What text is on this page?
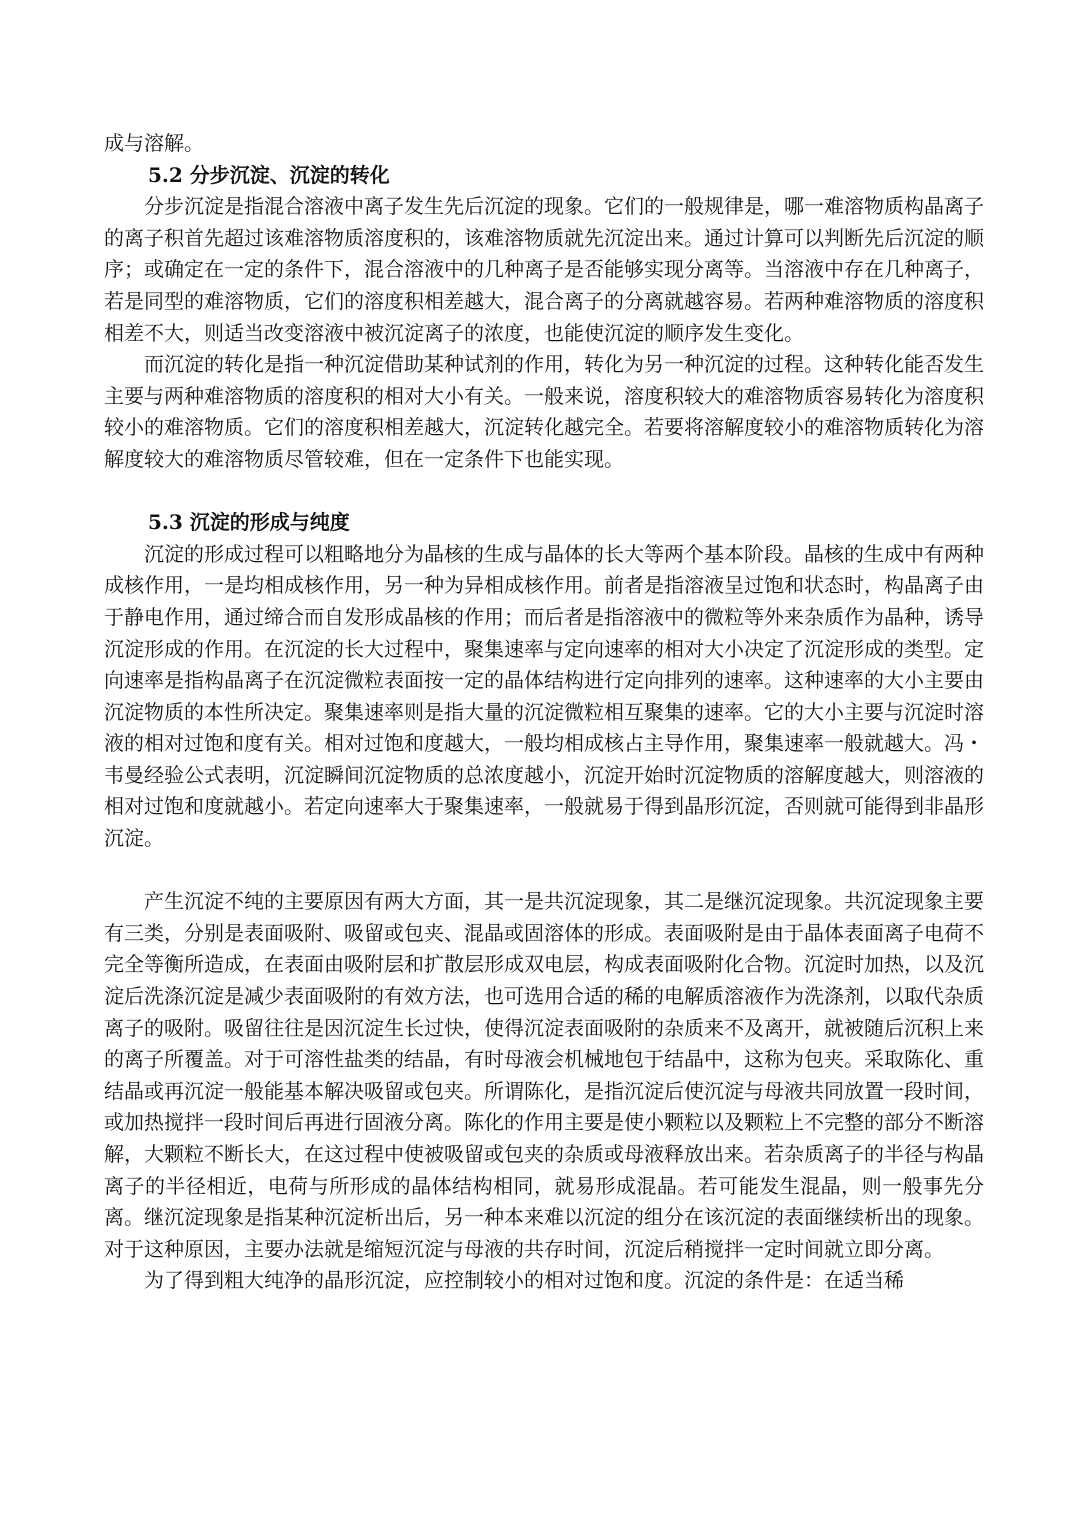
成与溶解。

5.2 分步沉淀、沉淀的转化

分步沉淀是指混合溶液中离子发生先后沉淀的现象。它们的一般规律是，哪一难溶物质构晶离子的离子积首先超过该难溶物质溶度积的，该难溶物质就先沉淀出来。通过计算可以判断先后沉淀的顺序；或确定在一定的条件下，混合溶液中的几种离子是否能够实现分离等。当溶液中存在几种离子，若是同型的难溶物质，它们的溶度积相差越大，混合离子的分离就越容易。若两种难溶物质的溶度积相差不大，则适当改变溶液中被沉淀离子的浓度，也能使沉淀的顺序发生变化。

而沉淀的转化是指一种沉淀借助某种试剂的作用，转化为另一种沉淀的过程。这种转化能否发生主要与两种难溶物质的溶度积的相对大小有关。一般来说，溶度积较大的难溶物质容易转化为溶度积较小的难溶物质。它们的溶度积相差越大，沉淀转化越完全。若要将溶解度较小的难溶物质转化为溶解度较大的难溶物质尽管较难，但在一定条件下也能实现。

5.3 沉淀的形成与纯度

沉淀的形成过程可以粗略地分为晶核的生成与晶体的长大等两个基本阶段。晶核的生成中有两种成核作用，一是均相成核作用，另一种为异相成核作用。前者是指溶液呈过饱和状态时，构晶离子由于静电作用，通过缔合而自发形成晶核的作用；而后者是指溶液中的微粒等外来杂质作为晶种，诱导沉淀形成的作用。在沉淀的长大过程中，聚集速率与定向速率的相对大小决定了沉淀形成的类型。定向速率是指构晶离子在沉淀微粒表面按一定的晶体结构进行定向排列的速率。这种速率的大小主要由沉淀物质的本性所决定。聚集速率则是指大量的沉淀微粒相互聚集的速率。它的大小主要与沉淀时溶液的相对过饱和度有关。相对过饱和度越大，一般均相成核占主导作用，聚集速率一般就越大。冯・韦曼经验公式表明，沉淀瞬间沉淀物质的总浓度越小，沉淀开始时沉淀物质的溶解度越大，则溶液的相对过饱和度就越小。若定向速率大于聚集速率，一般就易于得到晶形沉淀，否则就可能得到非晶形沉淀。

产生沉淀不纯的主要原因有两大方面，其一是共沉淀现象，其二是继沉淀现象。共沉淀现象主要有三类，分别是表面吸附、吸留或包夹、混晶或固溶体的形成。表面吸附是由于晶体表面离子电荷不完全等衡所造成，在表面由吸附层和扩散层形成双电层，构成表面吸附化合物。沉淀时加热，以及沉淀后洗涤沉淀是减少表面吸附的有效方法，也可选用合适的稀的电解质溶液作为洗涤剂，以取代杂质离子的吸附。吸留往往是因沉淀生长过快，使得沉淀表面吸附的杂质来不及离开，就被随后沉积上来的离子所覆盖。对于可溶性盐类的结晶，有时母液会机械地包于结晶中，这称为包夹。采取陈化、重结晶或再沉淀一般能基本解决吸留或包夹。所谓陈化，是指沉淀后使沉淀与母液共同放置一段时间，或加热搅拌一段时间后再进行固液分离。陈化的作用主要是使小颗粒以及颗粒上不完整的部分不断溶解，大颗粒不断长大，在这过程中使被吸留或包夹的杂质或母液释放出来。若杂质离子的半径与构晶离子的半径相近，电荷与所形成的晶体结构相同，就易形成混晶。若可能发生混晶，则一般事先分离。继沉淀现象是指某种沉淀析出后，另一种本来难以沉淀的组分在该沉淀的表面继续析出的现象。对于这种原因，主要办法就是缩短沉淀与母液的共存时间，沉淀后稍搅拌一定时间就立即分离。

为了得到粗大纯净的晶形沉淀，应控制较小的相对过饱和度。沉淀的条件是：在适当稀
